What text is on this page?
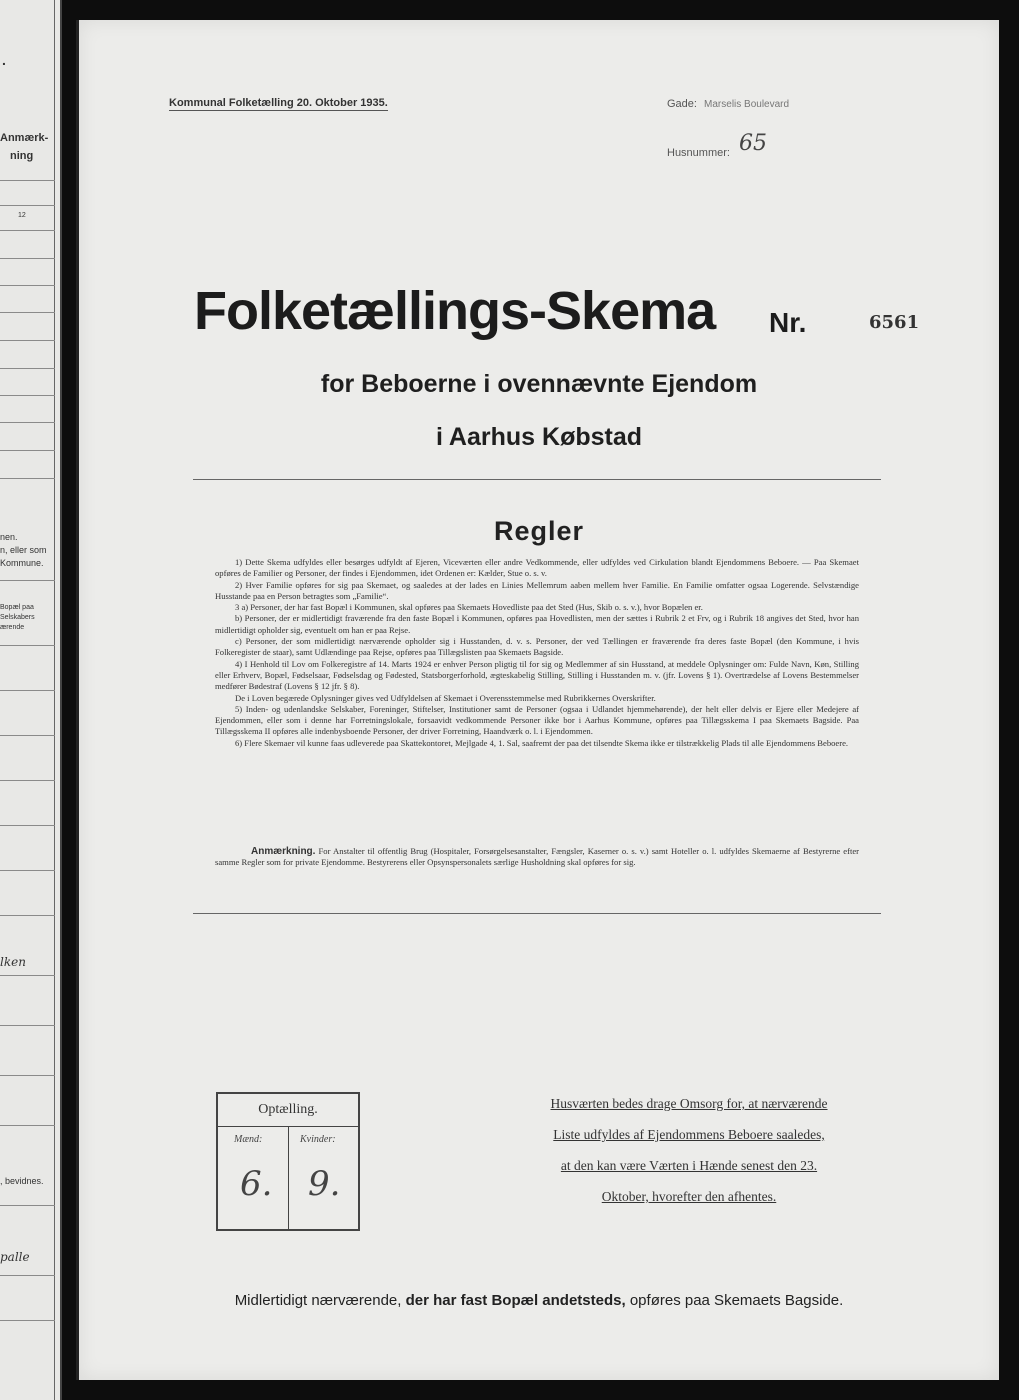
.
Anmærk-
ning
12
nen.
n, eller som
Kommune.
Bopæl paa
Selskabers
ærende
lken
, bevidnes.
palle
Kommunal Folketælling 20. Oktober 1935.	Gade: Marselis Boulevard
Husnummer: 65
Folketællings-Skema Nr.	6561
for Beboerne i ovennævnte Ejendom
i Aarhus Købstad
Regler

1) Dette Skema udfyldes eller besørges udfyldt af Ejeren, Viceværten eller andre Vedkommende, eller udfyldes ved Cirkulation blandt Ejendommens Beboere. — Paa Skemaet opføres de Familier og Personer, der findes i Ejendommen, idet Ordenen er: Kælder, Stue o. s. v.

2) Hver Familie opføres for sig paa Skemaet, og saaledes at der lades en Linies Mellemrum aaben mellem hver Familie. En Familie omfatter ogsaa Logerende. Selvstændige Husstande paa en Person betragtes som „Familie“.

3 a) Personer, der har fast Bopæl i Kommunen, skal opføres paa Skemaets Hovedliste paa det Sted (Hus, Skib o. s. v.), hvor Bopælen er.

b) Personer, der er midlertidigt fraværende fra den faste Bopæl i Kommunen, opføres paa Hovedlisten, men der sættes i Rubrik 2 et Frv, og i Rubrik 18 angives det Sted, hvor han midlertidigt opholder sig, eventuelt om han er paa Rejse.

c) Personer, der som midlertidigt nærværende opholder sig i Husstanden, d. v. s. Personer, der ved Tællingen er fraværende fra deres faste Bopæl (den Kommune, i hvis Folkeregister de staar), samt Udlændinge paa Rejse, opføres paa Tillægslisten paa Skemaets Bagside.

4) I Henhold til Lov om Folkeregistre af 14. Marts 1924 er enhver Person pligtig til for sig og Medlemmer af sin Husstand, at meddele Oplysninger om: Fulde Navn, Køn, Stilling eller Erhverv, Bopæl, Fødselsaar, Fødselsdag og Fødested, Statsborgerforhold, ægteskabelig Stilling, Stilling i Husstanden m. v. (jfr. Lovens § 1). Overtrædelse af Lovens Bestemmelser medfører Bødestraf (Lovens § 12 jfr. § 8).

De i Loven begærede Oplysninger gives ved Udfyldelsen af Skemaet i Overensstemmelse med Rubrikkernes Overskrifter.

5) Inden- og udenlandske Selskaber, Foreninger, Stiftelser, Institutioner samt de Personer (ogsaa i Udlandet hjemmehørende), der helt eller delvis er Ejere eller Medejere af Ejendommen, eller som i denne har Forretningslokale, forsaavidt vedkommende Personer ikke bor i Aarhus Kommune, opføres paa Tillægsskema I paa Skemaets Bagside. Paa Tillægsskema II opføres alle indenbysboende Personer, der driver Forretning, Haandværk o. l. i Ejendommen.

6) Flere Skemaer vil kunne faas udleverede paa Skattekontoret, Mejlgade 4, 1. Sal, saafremt der paa det tilsendte Skema ikke er tilstrækkelig Plads til alle Ejendommens Beboere.

Anmærkning. For Anstalter til offentlig Brug (Hospitaler, Forsørgelsesanstalter, Fængsler, Kaserner o. s. v.) samt Hoteller o. l. udfyldes Skemaerne af Bestyrerne efter samme Regler som for private Ejendomme. Bestyrerens eller Opsynspersonalets særlige Husholdning skal opføres for sig.
Optælling.
Mænd:	Kvinder:
6. 9.
Husværten bedes drage Omsorg for, at nærværende
Liste udfyldes af Ejendommens Beboere saaledes,
at den kan være Værten i Hænde senest den 23.
Oktober, hvorefter den afhentes.
Midlertidigt nærværende, der har fast Bopæl andetsteds, opføres paa Skemaets Bagside.
